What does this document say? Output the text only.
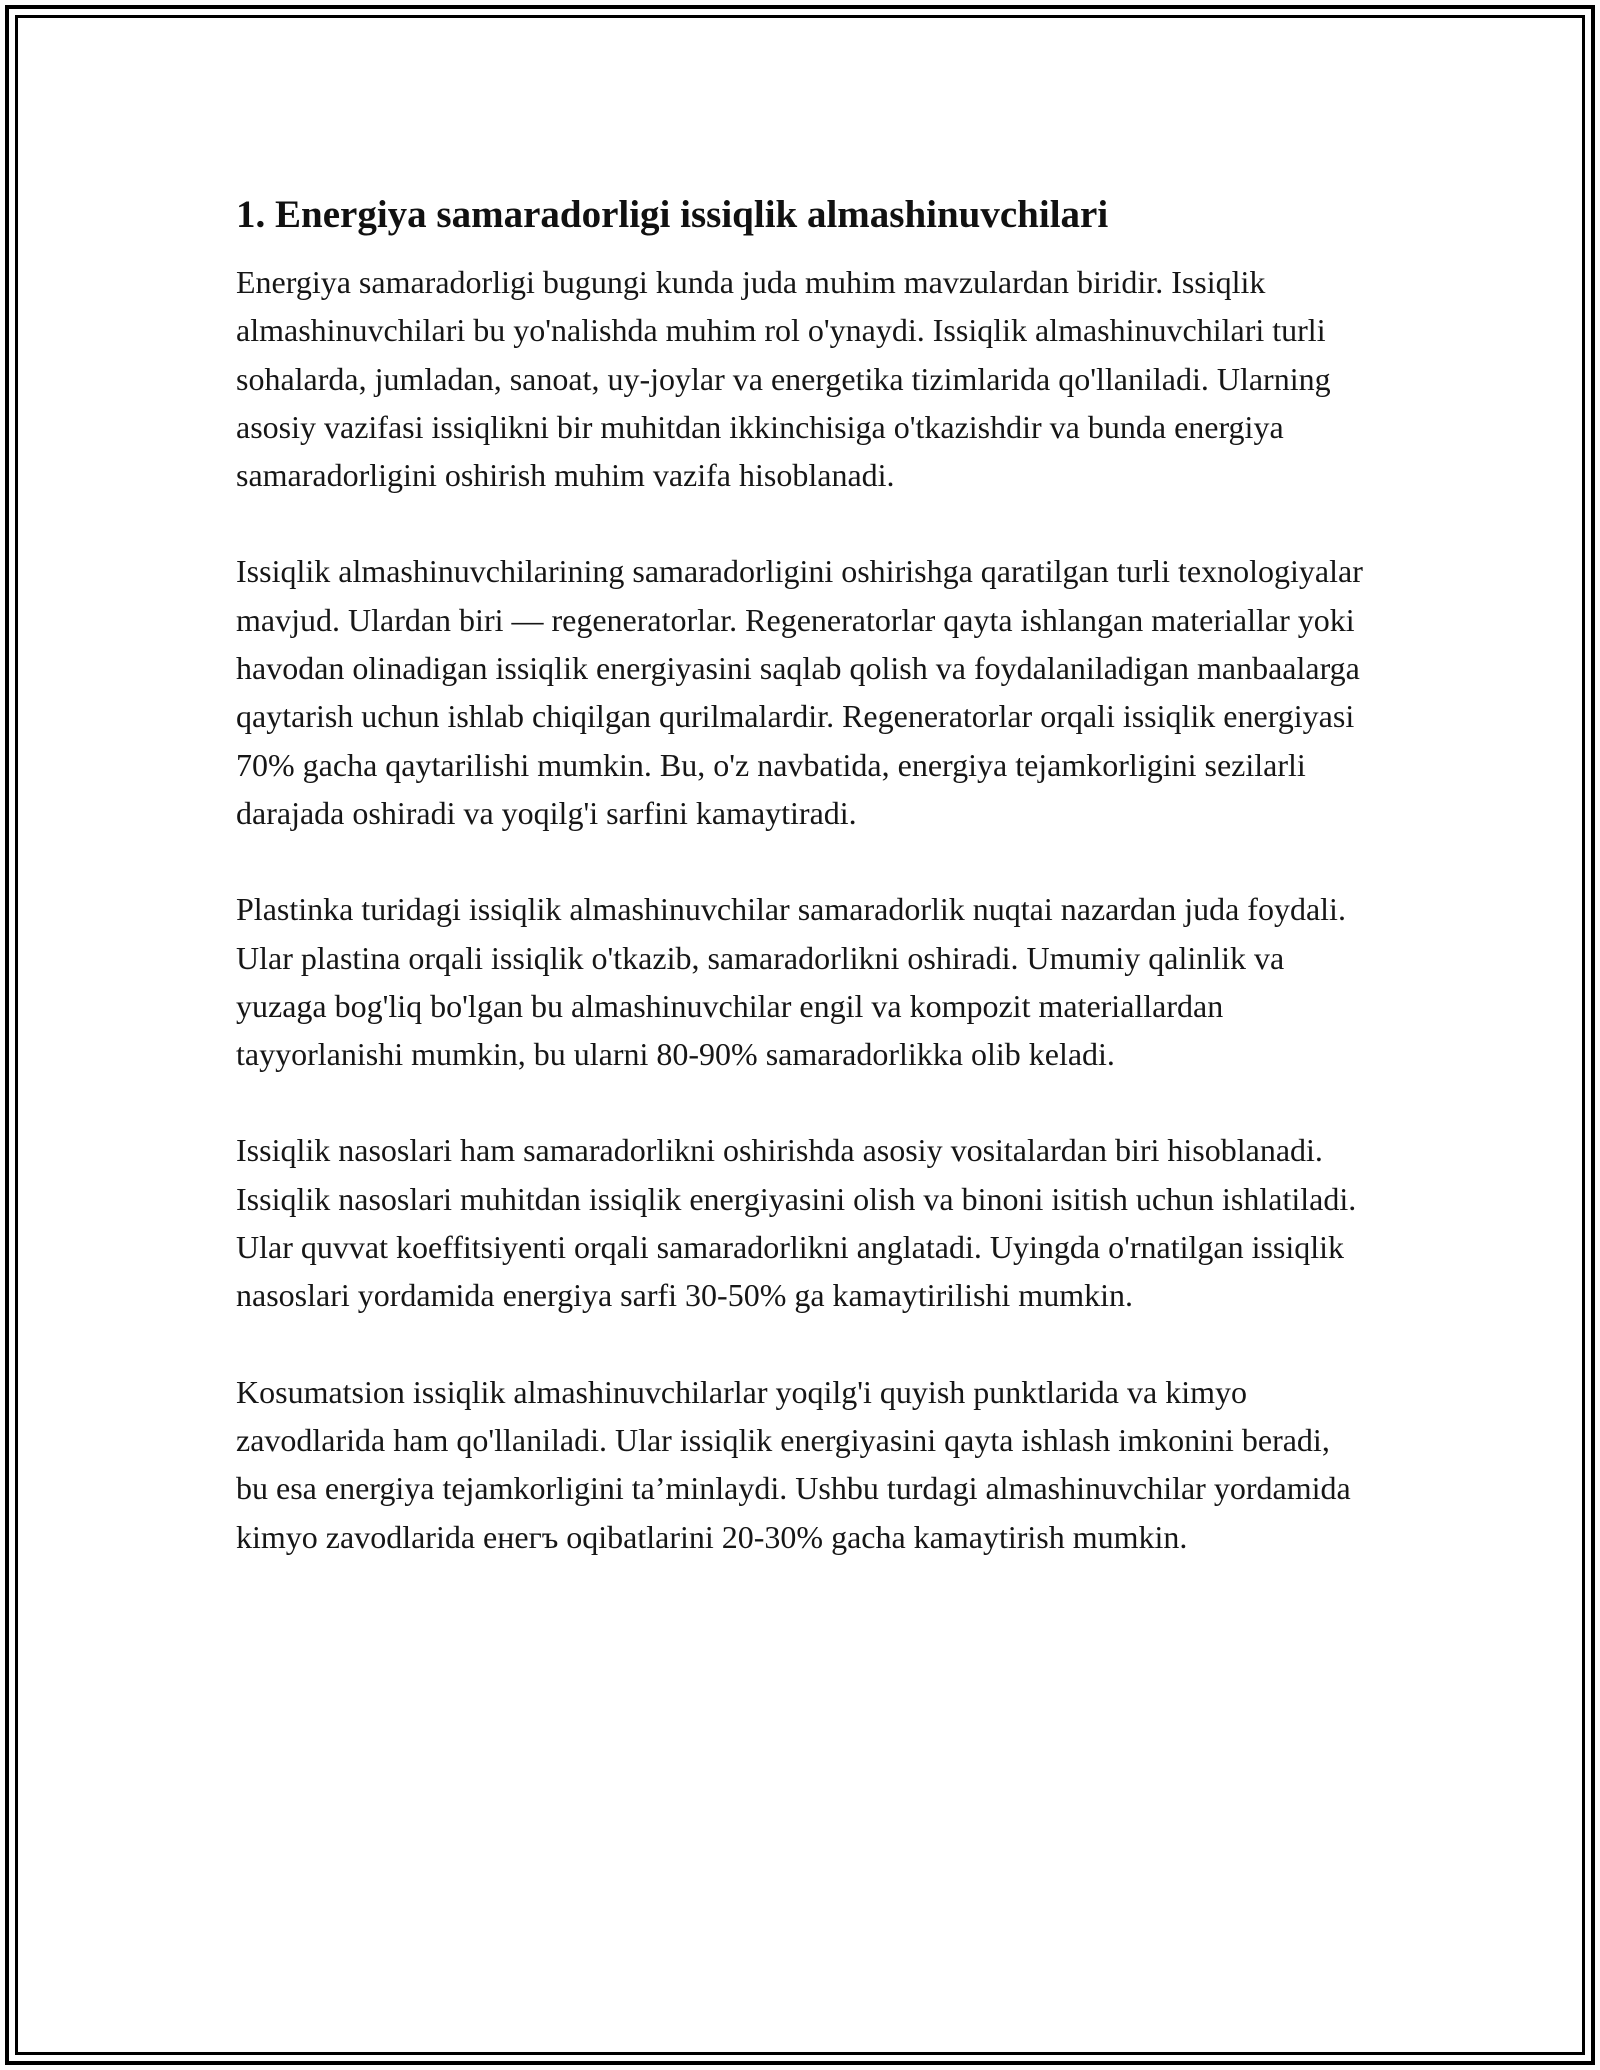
1. Energiya samaradorligi issiqlik almashinuvchilari

Energiya samaradorligi bugungi kunda juda muhim mavzulardan biridir. Issiqlik almashinuvchilari bu yo'nalishda muhim rol o'ynaydi. Issiqlik almashinuvchilari turli sohalarda, jumladan, sanoat, uy-joylar va energetika tizimlarida qo'llaniladi. Ularning asosiy vazifasi issiqlikni bir muhitdan ikkinchisiga o'tkazishdir va bunda energiya samaradorligini oshirish muhim vazifa hisoblanadi.

Issiqlik almashinuvchilarining samaradorligini oshirishga qaratilgan turli texnologiyalar mavjud. Ulardan biri — regeneratorlar. Regeneratorlar qayta ishlangan materiallar yoki havodan olinadigan issiqlik energiyasini saqlab qolish va foydalaniladigan manbaalarga qaytarish uchun ishlab chiqilgan qurilmalardir. Regeneratorlar orqali issiqlik energiyasi 70% gacha qaytarilishi mumkin. Bu, o'z navbatida, energiya tejamkorligini sezilarli darajada oshiradi va yoqilg'i sarfini kamaytiradi.

Plastinka turidagi issiqlik almashinuvchilar samaradorlik nuqtai nazardan juda foydali. Ular plastina orqali issiqlik o'tkazib, samaradorlikni oshiradi. Umumiy qalinlik va yuzaga bog'liq bo'lgan bu almashinuvchilar engil va kompozit materiallardan tayyorlanishi mumkin, bu ularni 80-90% samaradorlikka olib keladi.

Issiqlik nasoslari ham samaradorlikni oshirishda asosiy vositalardan biri hisoblanadi. Issiqlik nasoslari muhitdan issiqlik energiyasini olish va binoni isitish uchun ishlatiladi. Ular quvvat koeffitsiyenti orqali samaradorlikni anglatadi. Uyingda o'rnatilgan issiqlik nasoslari yordamida energiya sarfi 30-50% ga kamaytirilishi mumkin.

Kosumatsion issiqlik almashinuvchilarlar yoqilg'i quyish punktlarida va kimyo zavodlarida ham qo'llaniladi. Ular issiqlik energiyasini qayta ishlash imkonini beradi, bu esa energiya tejamkorligini ta’minlaydi. Ushbu turdagi almashinuvchilar yordamida kimyo zavodlarida енегъ oqibatlarini 20-30% gacha kamaytirish mumkin.
